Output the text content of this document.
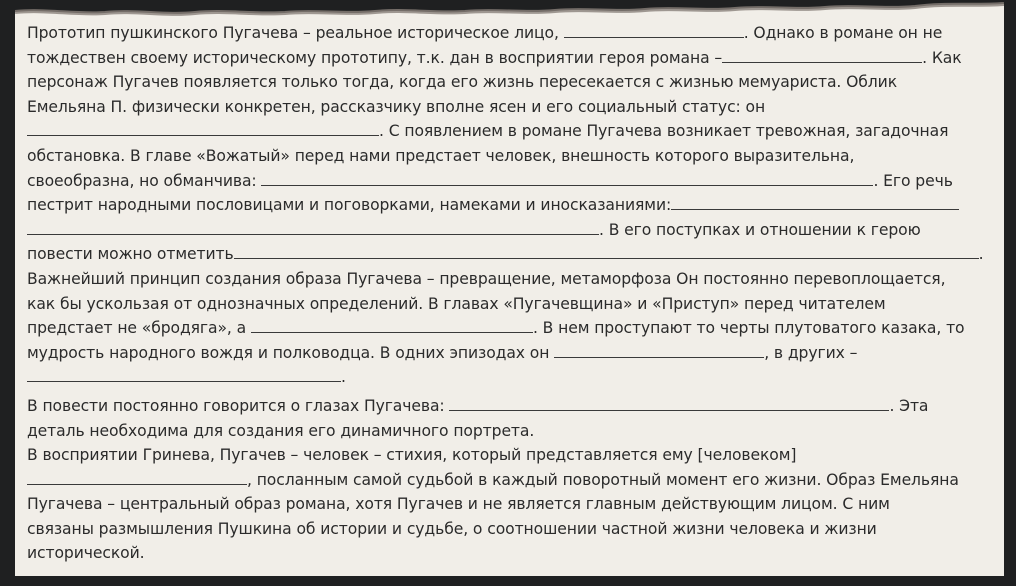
Прототип пушкинского Пугачева – реальное историческое лицо,	. Однако в романе он не
тождествен своему историческому прототипу, т.к. дан в восприятии героя романа –	. Как
персонаж Пугачев появляется только тогда, когда его жизнь пересекается с жизнью мемуариста. Облик
Емельяна П. физически конкретен, рассказчику вполне ясен и его социальный статус: он
. С появлением в романе Пугачева возникает тревожная, загадочная
обстановка. В главе «Вожатый» перед нами предстает человек, внешность которого выразительна,
своеобразна, но обманчива:	. Его речь
пестрит народными пословицами и поговорками, намеками и иносказаниями:
. В его поступках и отношении к герою
повести можно отметить	.
Важнейший принцип создания образа Пугачева – превращение, метаморфоза Он постоянно перевоплощается,
как бы ускользая от однозначных определений. В главах «Пугачевщина» и «Приступ» перед читателем
предстает не «бродяга», а	. В нем проступают то черты плутоватого казака, то
мудрость народного вождя и полководца. В одних эпизодах он	, в других –
.
В повести постоянно говорится о глазах Пугачева:	. Эта
деталь необходима для создания его динамичного портрета.
В восприятии Гринева, Пугачев – человек – стихия, который представляется ему [человеком]
, посланным самой судьбой в каждый поворотный момент его жизни. Образ Емельяна
Пугачева – центральный образ романа, хотя Пугачев и не является главным действующим лицом. С ним
связаны размышления Пушкина об истории и судьбе, о соотношении частной жизни человека и жизни
исторической.
